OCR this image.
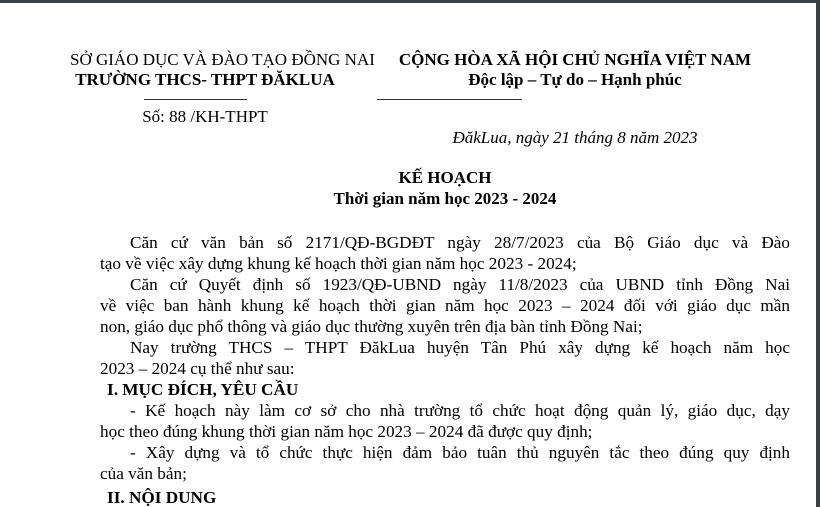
SỞ GIÁO DỤC VÀ ĐÀO TẠO ĐỒNG NAI
TRƯỜNG THCS- THPT ĐĂKLUA
Số: 88 /KH-THPT
CỘNG HÒA XÃ HỘI CHỦ NGHĨA VIỆT NAM
Độc lập – Tự do – Hạnh phúc
ĐăkLua, ngày 21 tháng 8 năm 2023
KẾ HOẠCH
Thời gian năm học 2023 - 2024
Căn cứ văn bản số 2171/QĐ-BGDĐT ngày 28/7/2023 của Bộ Giáo dục và Đào
tạo về việc xây dựng khung kế hoạch thời gian năm học 2023 - 2024;
Căn cứ Quyết định số 1923/QĐ-UBND ngày 11/8/2023 của UBND tỉnh Đồng Nai
về việc ban hành khung kế hoạch thời gian năm học 2023 – 2024 đối với giáo dục mần
non, giáo dục phổ thông và giáo dục thường xuyên trên địa bàn tỉnh Đồng Nai;
Nay trường THCS – THPT ĐăkLua huyện Tân Phú xây dựng kế hoạch năm học
2023 – 2024 cụ thể như sau:
I. MỤC ĐÍCH, YÊU CẦU
- Kế hoạch này làm cơ sở cho nhà trường tổ chức hoạt động quản lý, giáo dục, dạy
học theo đúng khung thời gian năm học 2023 – 2024 đã được quy định;
- Xây dựng và tổ chức thực hiện đảm bảo tuân thủ nguyên tắc theo đúng quy định
của văn bản;
II. NỘI DUNG
